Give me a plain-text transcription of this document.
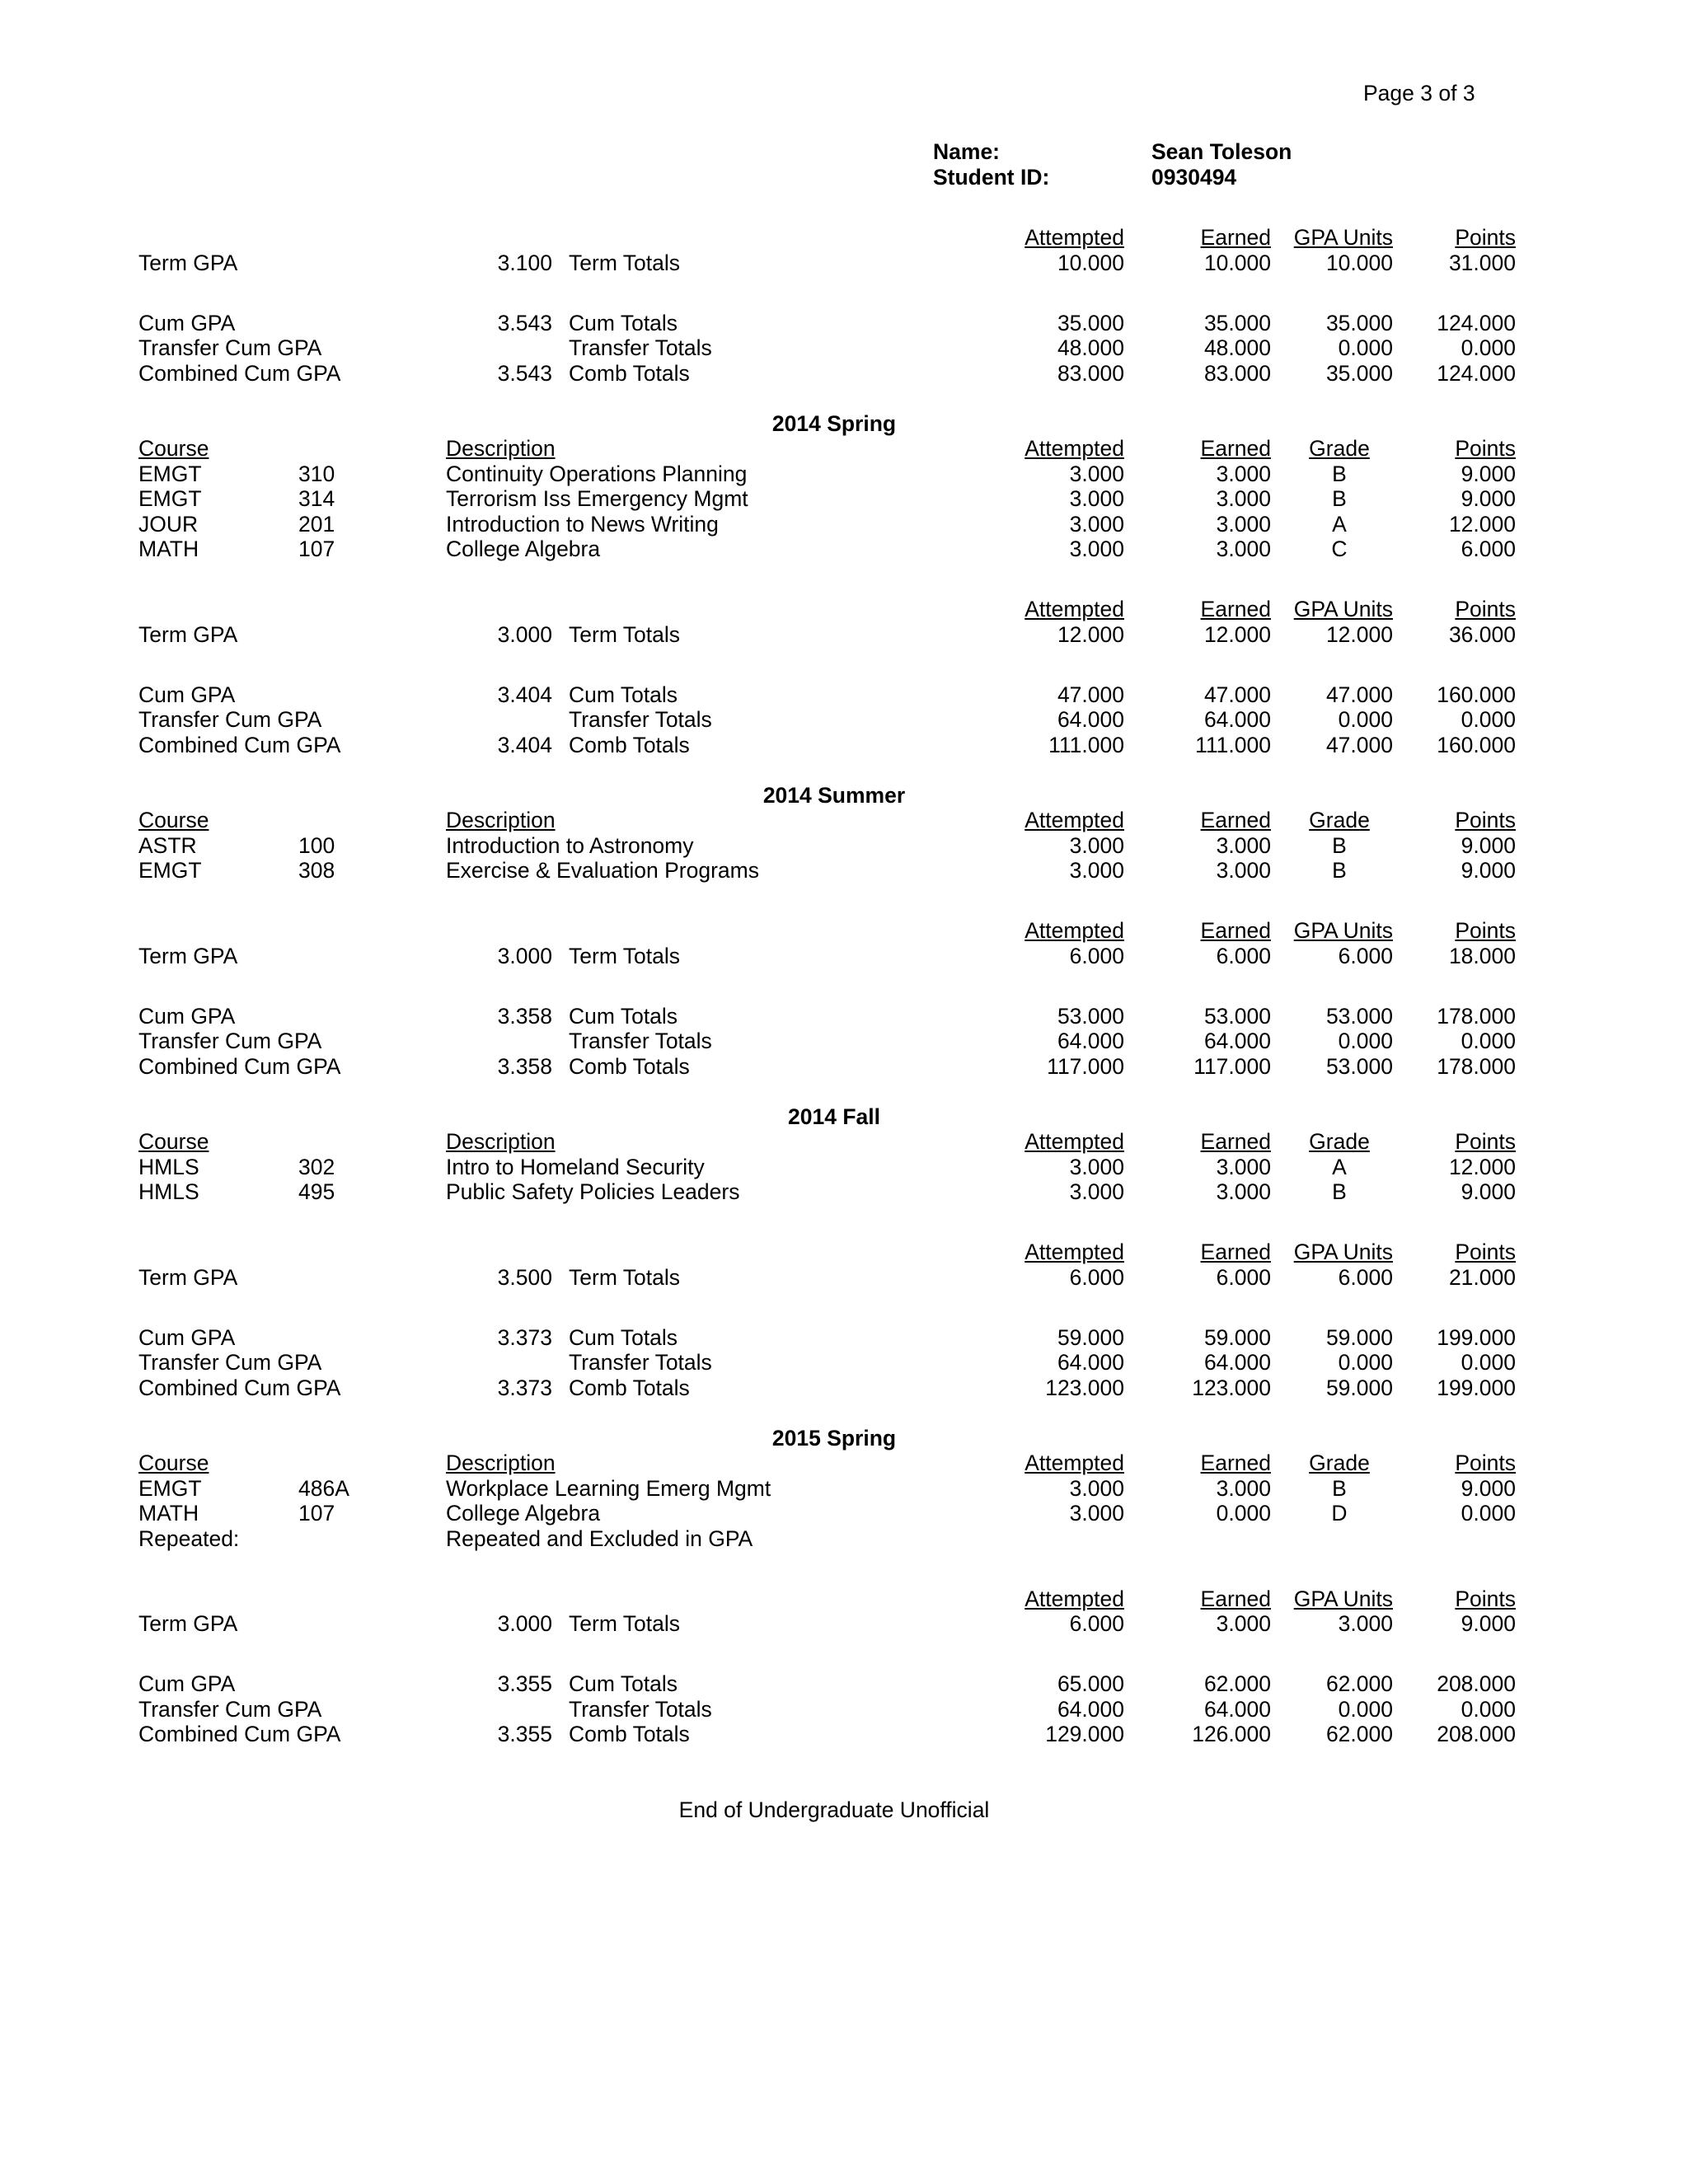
Page 3 of 3
Name:	Sean Toleson
Student ID:	0930494
Attempted	Earned GPA Units	Points
Term GPA	3.100 Term Totals	10.000	10.000	10.000	31.000
Cum GPA	3.543 Cum Totals	35.000	35.000	35.000 124.000
Transfer Cum GPA	Transfer Totals	48.000	48.000	0.000	0.000
Combined Cum GPA	3.543 Comb Totals	83.000	83.000	35.000 124.000
2014 Spring
Course	Description	Attempted	Earned Grade	Points
EMGT	310	Continuity Operations Planning	3.000	3.000	B	9.000
EMGT	314	Terrorism Iss Emergency Mgmt	3.000	3.000	B	9.000
JOUR	201	Introduction to News Writing	3.000	3.000	A	12.000
MATH	107	College Algebra	3.000	3.000	C	6.000
Attempted	Earned GPA Units	Points
Term GPA	3.000 Term Totals	12.000	12.000	12.000	36.000
Cum GPA	3.404 Cum Totals	47.000	47.000	47.000 160.000
Transfer Cum GPA	Transfer Totals	64.000	64.000	0.000	0.000
Combined Cum GPA	3.404 Comb Totals	111.000	111.000	47.000 160.000
2014 Summer
Course	Description	Attempted	Earned Grade	Points
ASTR	100	Introduction to Astronomy	3.000	3.000	B	9.000
EMGT	308	Exercise & Evaluation Programs	3.000	3.000	B	9.000
Attempted	Earned GPA Units	Points
Term GPA	3.000 Term Totals	6.000	6.000	6.000	18.000
Cum GPA	3.358 Cum Totals	53.000	53.000	53.000 178.000
Transfer Cum GPA	Transfer Totals	64.000	64.000	0.000	0.000
Combined Cum GPA	3.358 Comb Totals	117.000	117.000	53.000 178.000
2014 Fall
Course	Description	Attempted	Earned Grade	Points
HMLS	302	Intro to Homeland Security	3.000	3.000	A	12.000
HMLS	495	Public Safety Policies Leaders	3.000	3.000	B	9.000
Attempted	Earned GPA Units	Points
Term GPA	3.500 Term Totals	6.000	6.000	6.000	21.000
Cum GPA	3.373 Cum Totals	59.000	59.000	59.000 199.000
Transfer Cum GPA	Transfer Totals	64.000	64.000	0.000	0.000
Combined Cum GPA	3.373 Comb Totals	123.000	123.000	59.000 199.000
2015 Spring
Course	Description	Attempted	Earned Grade	Points
EMGT	486A	Workplace Learning Emerg Mgmt	3.000	3.000	B	9.000
MATH	107	College Algebra	3.000	0.000	D	0.000
Repeated:	Repeated and Excluded in GPA
Attempted	Earned GPA Units	Points
Term GPA	3.000 Term Totals	6.000	3.000	3.000	9.000
Cum GPA	3.355 Cum Totals	65.000	62.000	62.000 208.000
Transfer Cum GPA	Transfer Totals	64.000	64.000	0.000	0.000
Combined Cum GPA	3.355 Comb Totals	129.000	126.000	62.000 208.000
End of Undergraduate Unofficial
